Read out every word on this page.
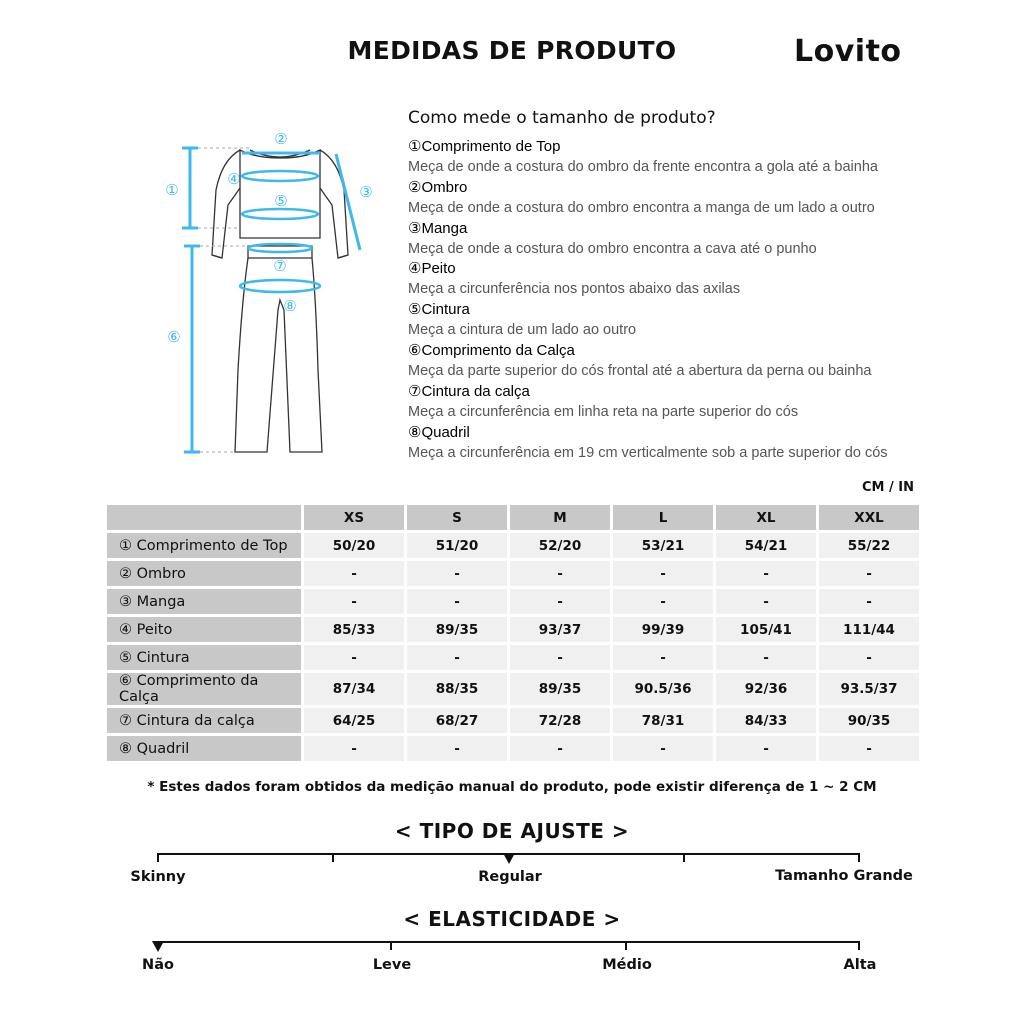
MEDIDAS DE PRODUTO	Lovito
①
②
③
④
⑤
⑥
⑦
⑧
Como mede o tamanho de produto?
①Comprimento de Top
Meça de onde a costura do ombro da frente encontra a gola até a bainha
②Ombro
Meça de onde a costura do ombro encontra a manga de um lado a outro
③Manga
Meça de onde a costura do ombro encontra a cava até o punho
④Peito
Meça a circunferência nos pontos abaixo das axilas
⑤Cintura
Meça a cintura de um lado ao outro
⑥Comprimento da Calça
Meça da parte superior do cós frontal até a abertura da perna ou bainha
⑦Cintura da calça
Meça a circunferência em linha reta na parte superior do cós
⑧Quadril
Meça a circunferência em 19 cm verticalmente sob a parte superior do cós
CM / IN
	XS	S	M	L	XL	XXL
① Comprimento de Top	50/20	51/20	52/20	53/21	54/21	55/22
② Ombro	-	-	-	-	-	-
③ Manga	-	-	-	-	-	-
④ Peito	85/33	89/35	93/37	99/39	105/41	111/44
⑤ Cintura	-	-	-	-	-	-
⑥ Comprimento da Calça	87/34	88/35	89/35	90.5/36	92/36	93.5/37
⑦ Cintura da calça	64/25	68/27	72/28	78/31	84/33	90/35
⑧ Quadril	-	-	-	-	-	-
* Estes dados foram obtidos da medição manual do produto, pode existir diferença de 1 ~ 2 CM
< TIPO DE AJUSTE >
Skinny	Regular	Tamanho Grande
< ELASTICIDADE >
Não	Leve	Médio	Alta
